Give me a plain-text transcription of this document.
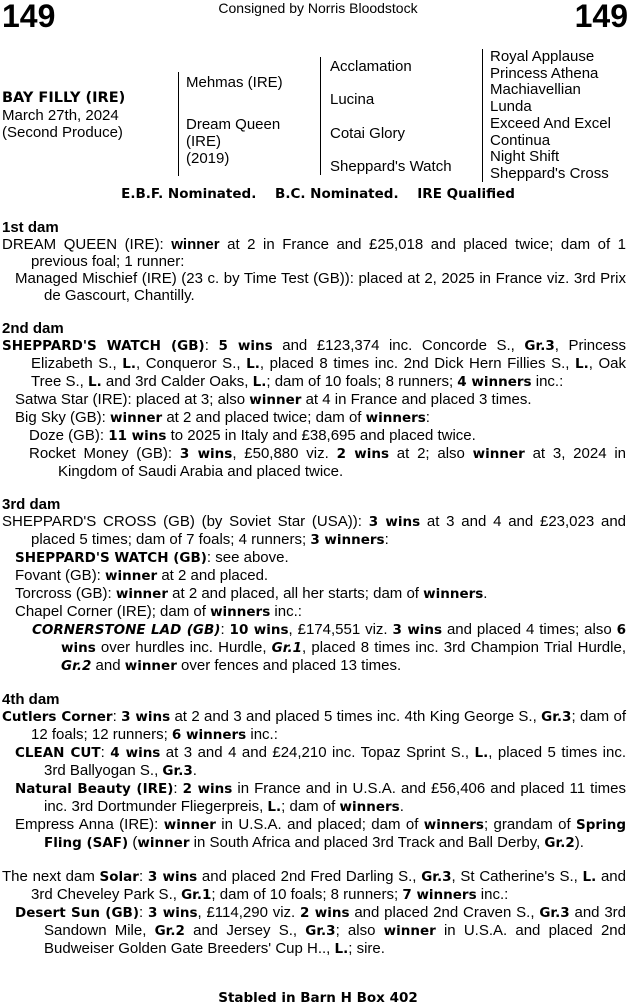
149	149
Consigned by Norris Bloodstock
BAY FILLY (IRE)
March 27th, 2024
(Second Produce)
Mehmas (IRE)
Dream Queen
(IRE)
(2019)
Acclamation
Lucina
Cotai Glory
Sheppard's Watch
Royal Applause
Princess Athena
Machiavellian
Lunda
Exceed And Excel
Continua
Night Shift
Sheppard's Cross
E.B.F. Nominated. B.C. Nominated. IRE Qualified
1st dam

DREAM QUEEN (IRE): winner at 2 in France and £25,018 and placed twice; dam of 1 previous foal; 1 runner:

Managed Mischief (IRE) (23 c. by Time Test (GB)): placed at 2, 2025 in France viz. 3rd Prix de Gascourt, Chantilly.

2nd dam

SHEPPARD'S WATCH (GB): 5 wins and £123,374 inc. Concorde S., Gr.3, Princess Elizabeth S., L., Conqueror S., L., placed 8 times inc. 2nd Dick Hern Fillies S., L., Oak Tree S., L. and 3rd Calder Oaks, L.; dam of 10 foals; 8 runners; 4 winners inc.:

Satwa Star (IRE): placed at 3; also winner at 4 in France and placed 3 times.

Big Sky (GB): winner at 2 and placed twice; dam of winners:

Doze (GB): 11 wins to 2025 in Italy and £38,695 and placed twice.

Rocket Money (GB): 3 wins, £50,880 viz. 2 wins at 2; also winner at 3, 2024 in Kingdom of Saudi Arabia and placed twice.

3rd dam

SHEPPARD'S CROSS (GB) (by Soviet Star (USA)): 3 wins at 3 and 4 and £23,023 and placed 5 times; dam of 7 foals; 4 runners; 3 winners:

SHEPPARD'S WATCH (GB): see above.

Fovant (GB): winner at 2 and placed.

Torcross (GB): winner at 2 and placed, all her starts; dam of winners.

Chapel Corner (IRE); dam of winners inc.:

CORNERSTONE LAD (GB): 10 wins, £174,551 viz. 3 wins and placed 4 times; also 6 wins over hurdles inc. Hurdle, Gr.1, placed 8 times inc. 3rd Champion Trial Hurdle, Gr.2 and winner over fences and placed 13 times.

4th dam

Cutlers Corner: 3 wins at 2 and 3 and placed 5 times inc. 4th King George S., Gr.3; dam of 12 foals; 12 runners; 6 winners inc.:

CLEAN CUT: 4 wins at 3 and 4 and £24,210 inc. Topaz Sprint S., L., placed 5 times inc. 3rd Ballyogan S., Gr.3.

Natural Beauty (IRE): 2 wins in France and in U.S.A. and £56,406 and placed 11 times inc. 3rd Dortmunder Fliegerpreis, L.; dam of winners.

Empress Anna (IRE): winner in U.S.A. and placed; dam of winners; grandam of Spring Fling (SAF) (winner in South Africa and placed 3rd Track and Ball Derby, Gr.2).

The next dam Solar: 3 wins and placed 2nd Fred Darling S., Gr.3, St Catherine's S., L. and 3rd Cheveley Park S., Gr.1; dam of 10 foals; 8 runners; 7 winners inc.:

Desert Sun (GB): 3 wins, £114,290 viz. 2 wins and placed 2nd Craven S., Gr.3 and 3rd Sandown Mile, Gr.2 and Jersey S., Gr.3; also winner in U.S.A. and placed 2nd Budweiser Golden Gate Breeders' Cup H.., L.; sire.

Stabled in Barn H Box 402
